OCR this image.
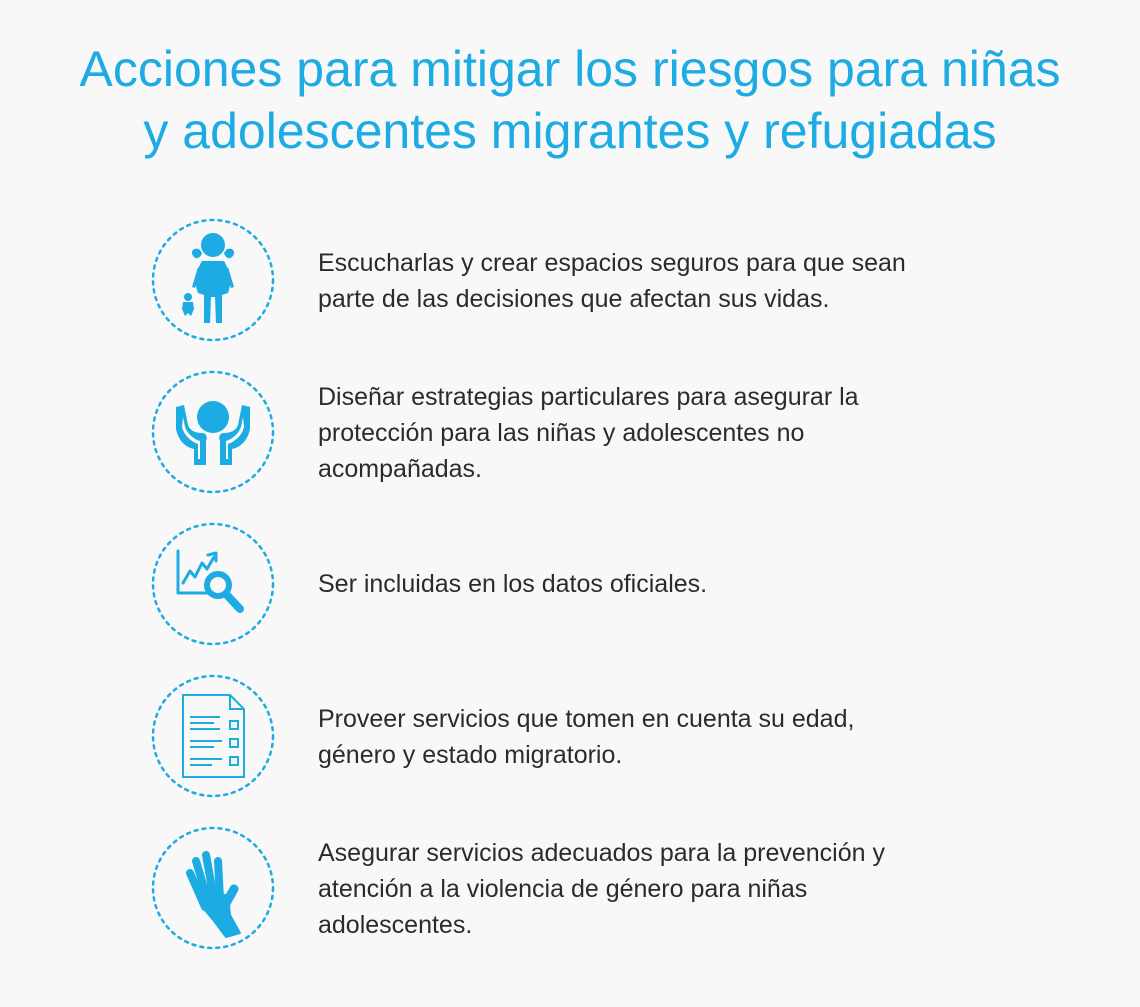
Acciones para mitigar los riesgos para niñas
y adolescentes migrantes y refugiadas

Escucharlas y crear espacios seguros para que sean
parte de las decisiones que afectan sus vidas.

Diseñar estrategias particulares para asegurar la
protección para las niñas y adolescentes no
acompañadas.

Ser incluidas en los datos oficiales.

Proveer servicios que tomen en cuenta su edad,
género y estado migratorio.

Asegurar servicios adecuados para la prevención y
atención a la violencia de género para niñas
adolescentes.
